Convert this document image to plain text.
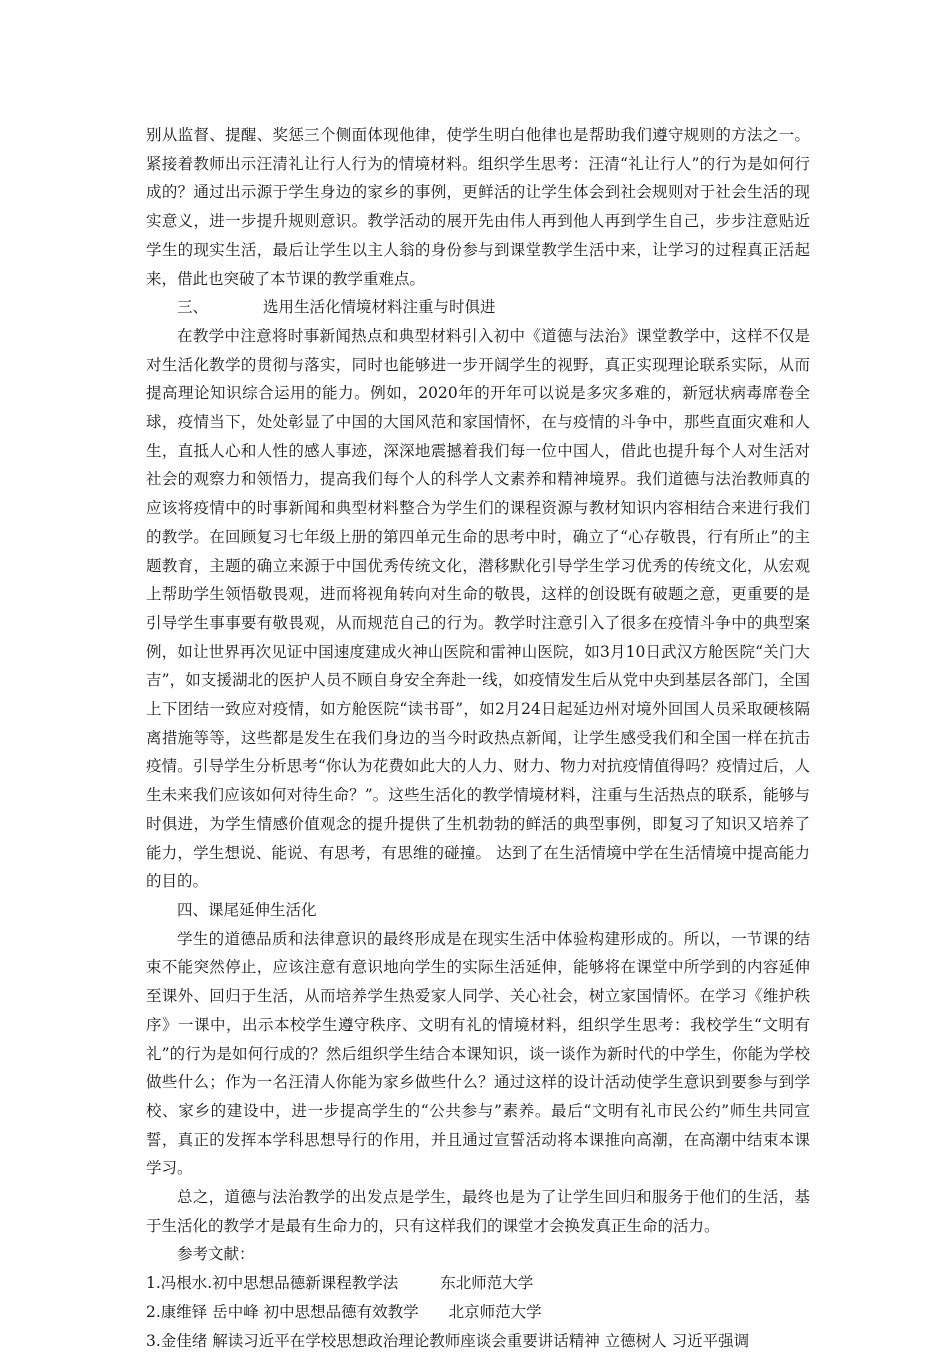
别从监督、提醒、奖惩三个侧面体现他律，使学生明白他律也是帮助我们遵守规则的方法之一。紧接着教师出示汪清礼让行人行为的情境材料。组织学生思考：汪清“礼让行人”的行为是如何行成的？通过出示源于学生身边的家乡的事例，更鲜活的让学生体会到社会规则对于社会生活的现实意义，进一步提升规则意识。教学活动的展开先由伟人再到他人再到学生自己，步步注意贴近学生的现实生活，最后让学生以主人翁的身份参与到课堂教学生活中来，让学习的过程真正活起来，借此也突破了本节课的教学重难点。

三、	选用生活化情境材料注重与时俱进

在教学中注意将时事新闻热点和典型材料引入初中《道德与法治》课堂教学中，这样不仅是对生活化教学的贯彻与落实，同时也能够进一步开阔学生的视野，真正实现理论联系实际，从而提高理论知识综合运用的能力。例如，2020年的开年可以说是多灾多难的，新冠状病毒席卷全球，疫情当下，处处彰显了中国的大国风范和家国情怀，在与疫情的斗争中，那些直面灾难和人生，直抵人心和人性的感人事迹，深深地震撼着我们每一位中国人，借此也提升每个人对生活对社会的观察力和领悟力，提高我们每个人的科学人文素养和精神境界。我们道德与法治教师真的应该将疫情中的时事新闻和典型材料整合为学生们的课程资源与教材知识内容相结合来进行我们的教学。在回顾复习七年级上册的第四单元生命的思考中时，确立了“心存敬畏，行有所止”的主题教育，主题的确立来源于中国优秀传统文化，潜移默化引导学生学习优秀的传统文化，从宏观上帮助学生领悟敬畏观，进而将视角转向对生命的敬畏，这样的创设既有破题之意，更重要的是引导学生事事要有敬畏观，从而规范自己的行为。教学时注意引入了很多在疫情斗争中的典型案例，如让世界再次见证中国速度建成火神山医院和雷神山医院，如3月10日武汉方舱医院“关门大吉”，如支援湖北的医护人员不顾自身安全奔赴一线，如疫情发生后从党中央到基层各部门，全国上下团结一致应对疫情，如方舱医院“读书哥”，如2月24日起延边州对境外回国人员采取硬核隔离措施等等，这些都是发生在我们身边的当今时政热点新闻，让学生感受我们和全国一样在抗击疫情。引导学生分析思考“你认为花费如此大的人力、财力、物力对抗疫情值得吗？疫情过后，人生未来我们应该如何对待生命？”。这些生活化的教学情境材料，注重与生活热点的联系，能够与时俱进，为学生情感价值观念的提升提供了生机勃勃的鲜活的典型事例，即复习了知识又培养了能力，学生想说、能说、有思考，有思维的碰撞。 达到了在生活情境中学在生活情境中提高能力的目的。

四、课尾延伸生活化

学生的道德品质和法律意识的最终形成是在现实生活中体验构建形成的。所以，一节课的结束不能突然停止，应该注意有意识地向学生的实际生活延伸，能够将在课堂中所学到的内容延伸至课外、回归于生活，从而培养学生热爱家人同学、关心社会，树立家国情怀。在学习《维护秩序》一课中，出示本校学生遵守秩序、文明有礼的情境材料，组织学生思考：我校学生“文明有礼”的行为是如何行成的？然后组织学生结合本课知识，谈一谈作为新时代的中学生，你能为学校做些什么；作为一名汪清人你能为家乡做些什么？通过这样的设计活动使学生意识到要参与到学校、家乡的建设中，进一步提高学生的“公共参与”素养。最后“文明有礼市民公约”师生共同宣誓，真正的发挥本学科思想导行的作用，并且通过宣誓活动将本课推向高潮，在高潮中结束本课学习。

总之，道德与法治教学的出发点是学生，最终也是为了让学生回归和服务于他们的生活，基于生活化的教学才是最有生命力的，只有这样我们的课堂才会换发真正生命的活力。

参考文献：

1.冯根水.初中思想品德新课程教学法	东北师范大学

2.康维铎 岳中峰 初中思想品德有效教学 北京师范大学

3.金佳绪 解读习近平在学校思想政治理论教师座谈会重要讲话精神 立德树人 习近平强调
